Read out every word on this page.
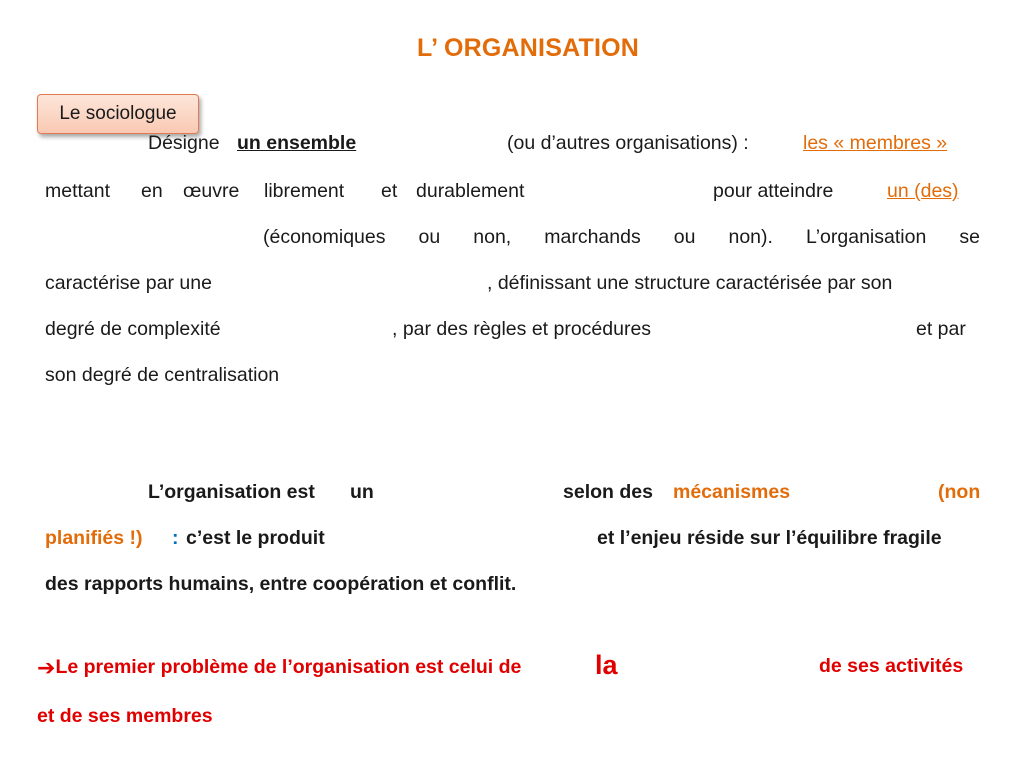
L’ ORGANISATION
Le sociologue
Désigne un ensemble	(ou d’autres organisations) :	les « membres »
mettant en œuvre librement et durablement	pour atteindre	un (des)
(économiques ou non, marchands ou non). L’organisation se
caractérise par une	, définissant une structure caractérisée par son
degré de complexité	, par des règles et procédures	et par
son degré de centralisation
L’organisation est un	selon des mécanismes	(non
planifiés !) : c’est le produit	et l’enjeu réside sur l’équilibre fragile
des rapports humains, entre coopération et conflit.
➔Le premier problème de l’organisation est celui de	la	de ses activités
et de ses membres
